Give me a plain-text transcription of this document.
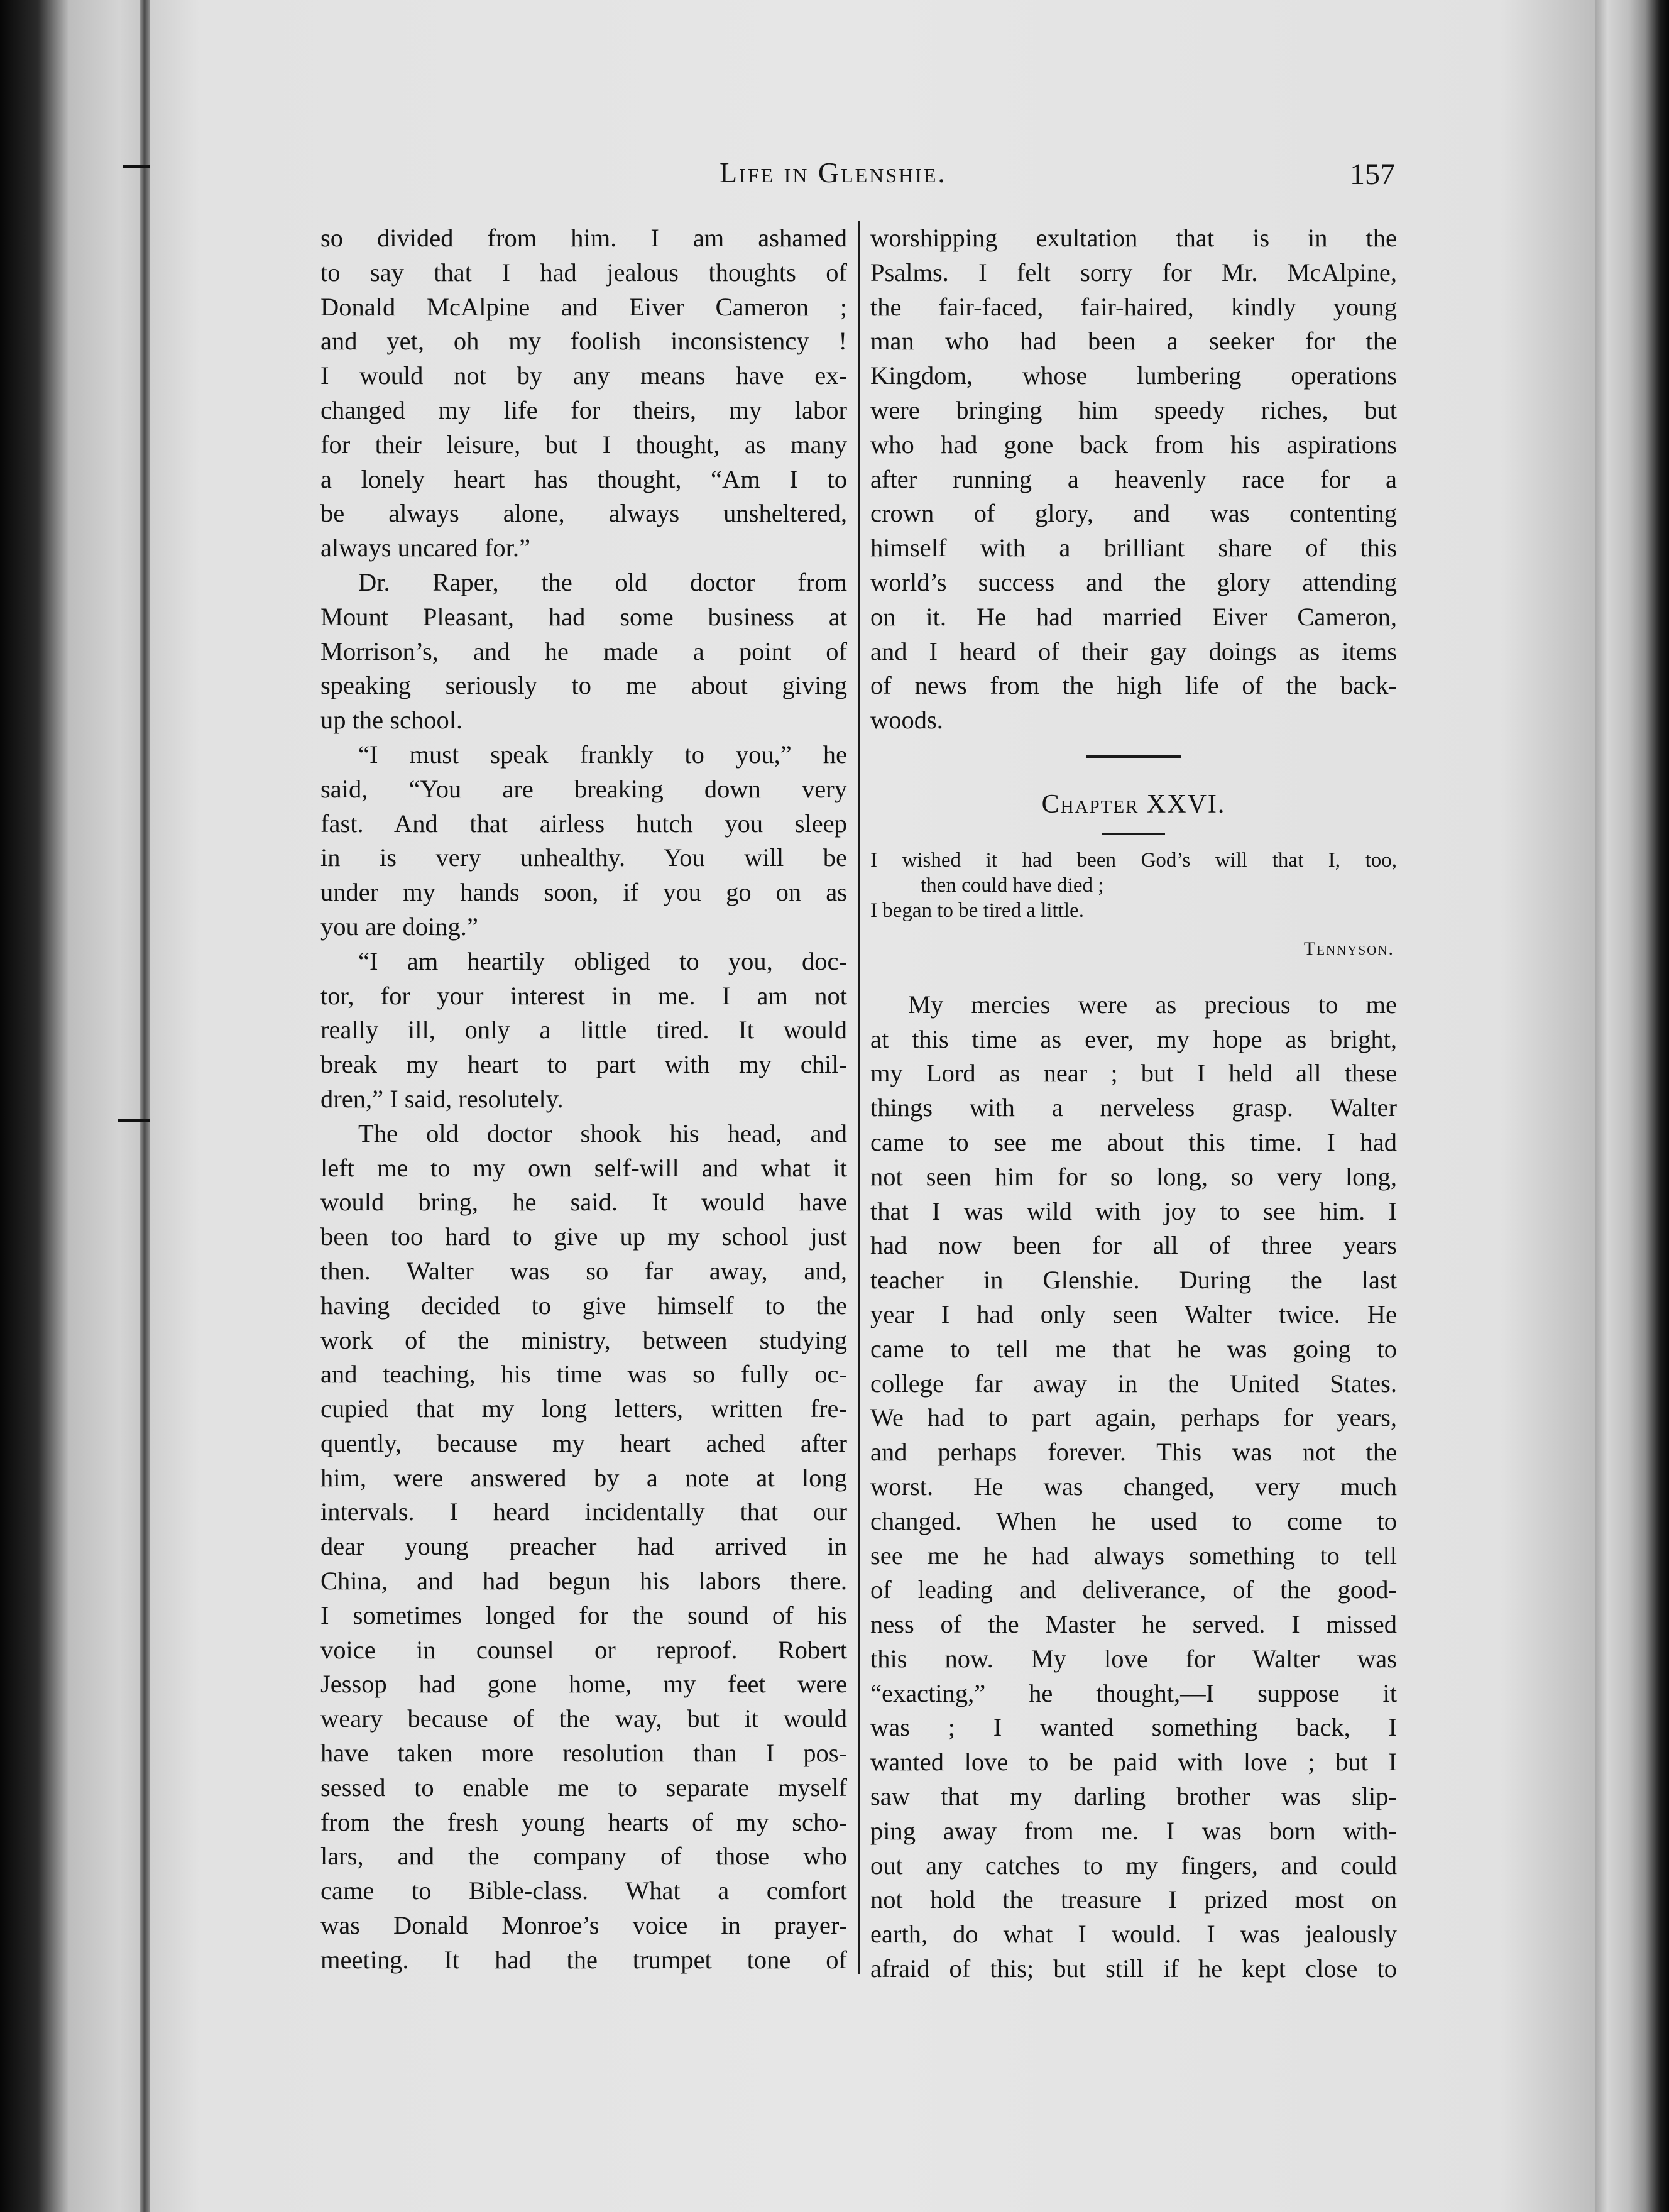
Life in Glenshie.	157
so divided from him. I am ashamed
to say that I had jealous thoughts of
Donald McAlpine and Eiver Cameron ;
and yet, oh my foolish inconsistency !
I would not by any means have ex-
changed my life for theirs, my labor
for their leisure, but I thought, as many
a lonely heart has thought, “Am I to
be always alone, always unsheltered,
always uncared for.”
Dr. Raper, the old doctor from
Mount Pleasant, had some business at
Morrison’s, and he made a point of
speaking seriously to me about giving
up the school.
“I must speak frankly to you,” he
said, “You are breaking down very
fast. And that airless hutch you sleep
in is very unhealthy. You will be
under my hands soon, if you go on as
you are doing.”
“I am heartily obliged to you, doc-
tor, for your interest in me. I am not
really ill, only a little tired. It would
break my heart to part with my chil-
dren,” I said, resolutely.
The old doctor shook his head, and
left me to my own self-will and what it
would bring, he said. It would have
been too hard to give up my school just
then. Walter was so far away, and,
having decided to give himself to the
work of the ministry, between studying
and teaching, his time was so fully oc-
cupied that my long letters, written fre-
quently, because my heart ached after
him, were answered by a note at long
intervals. I heard incidentally that our
dear young preacher had arrived in
China, and had begun his labors there.
I sometimes longed for the sound of his
voice in counsel or reproof. Robert
Jessop had gone home, my feet were
weary because of the way, but it would
have taken more resolution than I pos-
sessed to enable me to separate myself
from the fresh young hearts of my scho-
lars, and the company of those who
came to Bible-class. What a comfort
was Donald Monroe’s voice in prayer-
meeting. It had the trumpet tone of
worshipping exultation that is in the
Psalms. I felt sorry for Mr. McAlpine,
the fair-faced, fair-haired, kindly young
man who had been a seeker for the
Kingdom, whose lumbering operations
were bringing him speedy riches, but
who had gone back from his aspirations
after running a heavenly race for a
crown of glory, and was contenting
himself with a brilliant share of this
world’s success and the glory attending
on it. He had married Eiver Cameron,
and I heard of their gay doings as items
of news from the high life of the back-
woods.
Chapter XXVI.
I wished it had been God’s will that I, too,
then could have died ;
I began to be tired a little.
Tennyson.
My mercies were as precious to me
at this time as ever, my hope as bright,
my Lord as near ; but I held all these
things with a nerveless grasp. Walter
came to see me about this time. I had
not seen him for so long, so very long,
that I was wild with joy to see him. I
had now been for all of three years
teacher in Glenshie. During the last
year I had only seen Walter twice. He
came to tell me that he was going to
college far away in the United States.
We had to part again, perhaps for years,
and perhaps forever. This was not the
worst. He was changed, very much
changed. When he used to come to
see me he had always something to tell
of leading and deliverance, of the good-
ness of the Master he served. I missed
this now. My love for Walter was
“exacting,” he thought,—I suppose it
was ; I wanted something back, I
wanted love to be paid with love ; but I
saw that my darling brother was slip-
ping away from me. I was born with-
out any catches to my fingers, and could
not hold the treasure I prized most on
earth, do what I would. I was jealously
afraid of this; but still if he kept close to
